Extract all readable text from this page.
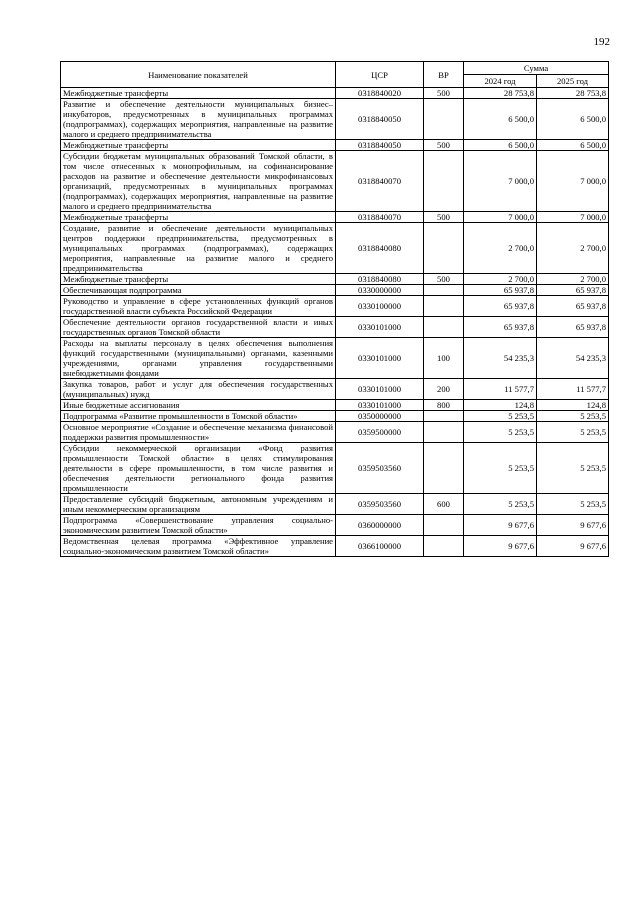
192
Наименование показателей	ЦСР	ВР	Сумма	
			2024 год	2025 год
Межбюджетные трансферты	0318840020	500	28 753,8	28 753,8
Развитие и обеспечение деятельности муниципальных бизнес–инкубаторов, предусмотренных в муниципальных программах (подпрограммах), содержащих мероприятия, направленные на развитие малого и среднего предпринимательства	0318840050		6 500,0	6 500,0
Межбюджетные трансферты	0318840050	500	6 500,0	6 500,0
Субсидии бюджетам муниципальных образований Томской области, в том числе отнесенных к монопрофильным, на софинансирование расходов на развитие и обеспечение деятельности микрофинансовых организаций, предусмотренных в муниципальных программах (подпрограммах), содержащих мероприятия, направленные на развитие малого и среднего предпринимательства	0318840070		7 000,0	7 000,0
Межбюджетные трансферты	0318840070	500	7 000,0	7 000,0
Создание, развитие и обеспечение деятельности муниципальных центров поддержки предпринимательства, предусмотренных в муниципальных программах (подпрограммах), содержащих мероприятия, направленные на развитие малого и среднего предпринимательства	0318840080		2 700,0	2 700,0
Межбюджетные трансферты	0318840080	500	2 700,0	2 700,0
Обеспечивающая подпрограмма	0330000000		65 937,8	65 937,8
Руководство и управление в сфере установленных функций органов государственной власти субъекта Российской Федерации	0330100000		65 937,8	65 937,8
Обеспечение деятельности органов государственной власти и иных государственных органов Томской области	0330101000		65 937,8	65 937,8
Расходы на выплаты персоналу в целях обеспечения выполнения функций государственными (муниципальными) органами, казенными учреждениями, органами управления государственными внебюджетными фондами	0330101000	100	54 235,3	54 235,3
Закупка товаров, работ и услуг для обеспечения государственных (муниципальных) нужд	0330101000	200	11 577,7	11 577,7
Иные бюджетные ассигнования	0330101000	800	124,8	124,8
Подпрограмма «Развитие промышленности в Томской области»	0350000000		5 253,5	5 253,5
Основное мероприятие «Создание и обеспечение механизма финансовой поддержки развития промышленности»	0359500000		5 253,5	5 253,5
Субсидии некоммерческой организации «Фонд развития промышленности Томской области» в целях стимулирования деятельности в сфере промышленности, в том числе развития и обеспечения деятельности регионального фонда развития промышленности	0359503560		5 253,5	5 253,5
Предоставление субсидий бюджетным, автономным учреждениям и иным некоммерческим организациям	0359503560	600	5 253,5	5 253,5
Подпрограмма «Совершенствование управления социально-экономическим развитием Томской области»	0360000000		9 677,6	9 677,6
Ведомственная целевая программа «Эффективное управление социально-экономическим развитием Томской области»	0366100000		9 677,6	9 677,6
